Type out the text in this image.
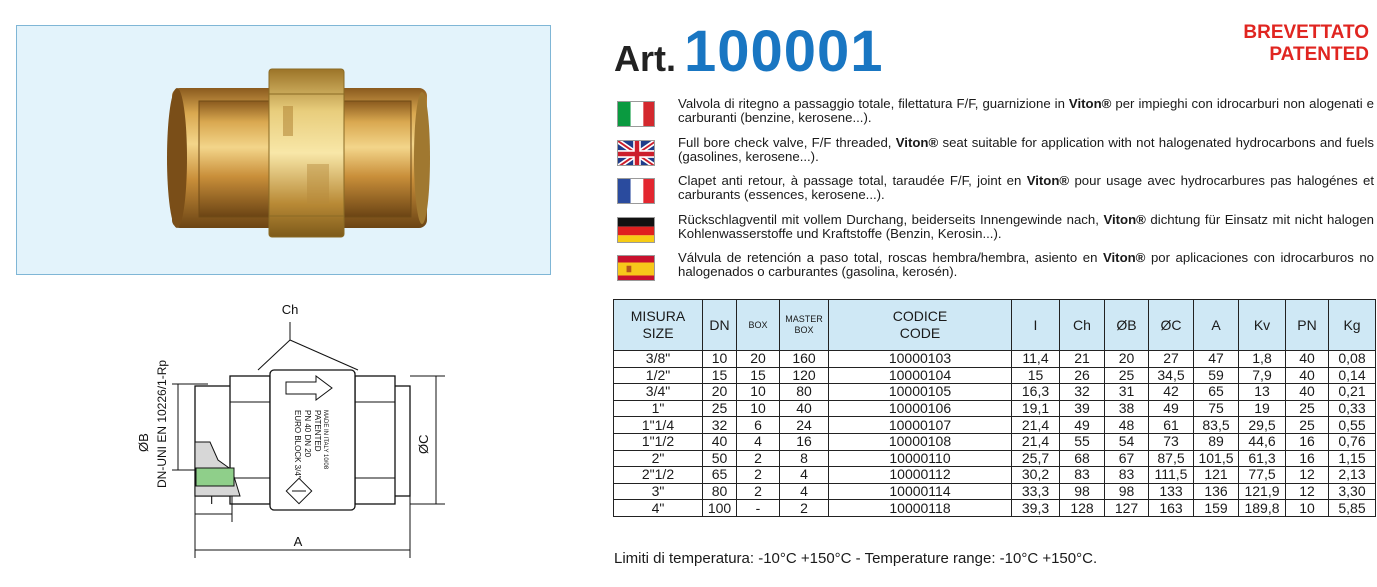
Ch
DN-UNI EN 10226/1-Rp
ØB	EURO BLOCK 3/4" PN 40 DN 20 PATENTED MADE IN ITALY 10/08	ØC
I
A
Art. 100001	BREVETTATO
PATENTED
Valvola di ritegno a passaggio totale, filettatura F/F, guarnizione in Viton® per impieghi con idrocarburi non alogenati e carburanti (benzine, kerosene...).
Full bore check valve, F/F threaded, Viton® seat suitable for application with not halogenated hydrocarbons and fuels (gasolines, kerosene...).
Clapet anti retour, à passage total, taraudée F/F, joint en Viton® pour usage avec hydrocarbures pas halogénes et carburants (essences, kerosene...).
Rückschlagventil mit vollem Durchang, beiderseits Innengewinde nach, Viton® dichtung für Einsatz mit nicht halogen Kohlenwasserstoffe und Kraftstoffe (Benzin, Kerosin...).
Válvula de retención a paso total, roscas hembra/hembra, asiento en Viton® por aplicaciones con idrocarburos no halogenados o carburantes (gasolina, kerosén).
MISURA
SIZE	DN	BOX	MASTER
BOX	CODICE
CODE	I	Ch	ØB	ØC	A	Kv	PN	Kg
3/8"	10	20	160	10000103	11,4	21	20	27	47	1,8	40	0,08
1/2"	15	15	120	10000104	15	26	25	34,5	59	7,9	40	0,14
3/4"	20	10	80	10000105	16,3	32	31	42	65	13	40	0,21
1"	25	10	40	10000106	19,1	39	38	49	75	19	25	0,33
1"1/4	32	6	24	10000107	21,4	49	48	61	83,5	29,5	25	0,55
1"1/2	40	4	16	10000108	21,4	55	54	73	89	44,6	16	0,76
2"	50	2	8	10000110	25,7	68	67	87,5	101,5	61,3	16	1,15
2"1/2	65	2	4	10000112	30,2	83	83	111,5	121	77,5	12	2,13
3"	80	2	4	10000114	33,3	98	98	133	136	121,9	12	3,30
4"	100	-	2	10000118	39,3	128	127	163	159	189,8	10	5,85
Limiti di temperatura: -10°C +150°C - Temperature range: -10°C +150°C.
